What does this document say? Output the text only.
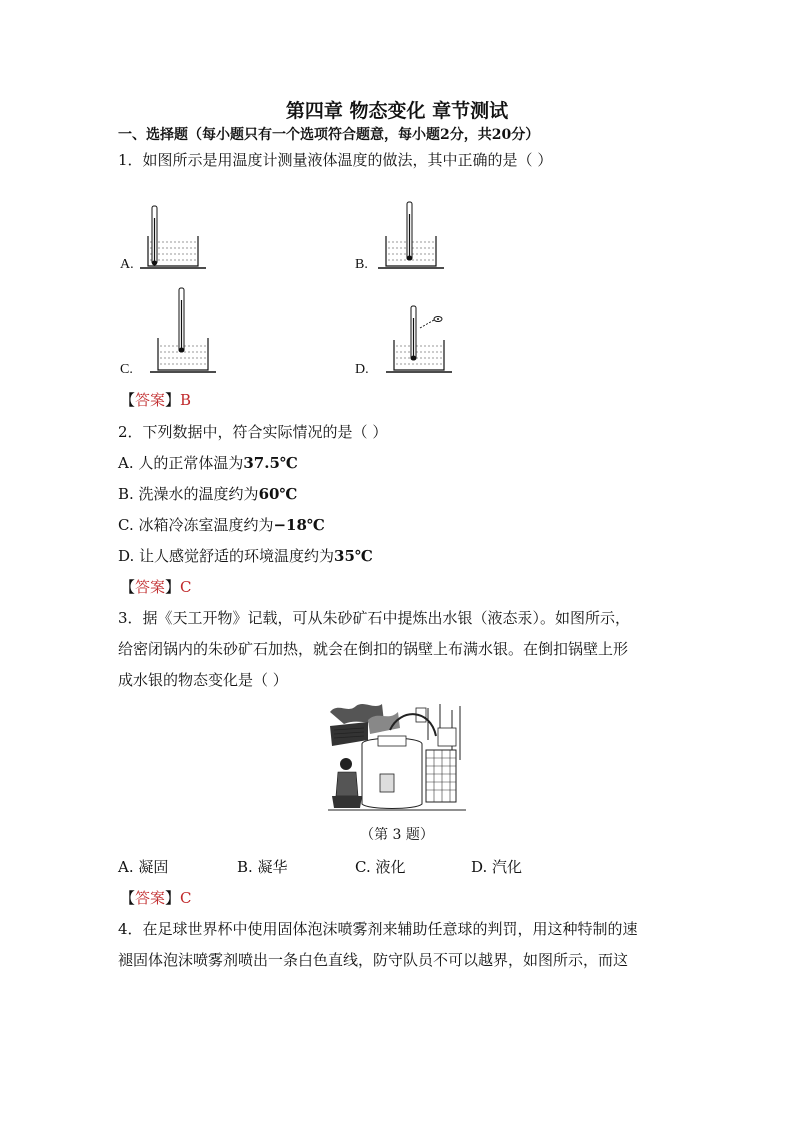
第四章 物态变化 章节测试
一、选择题（每小题只有一个选项符合题意，每小题2分，共20分）
1．如图所示是用温度计测量液体温度的做法，其中正确的是（ ）
A.	B.
C.	D.
【答案】B
2．下列数据中，符合实际情况的是（ ）
A. 人的正常体温为37.5℃
B. 洗澡水的温度约为60℃
C. 冰箱冷冻室温度约为−18℃
D. 让人感觉舒适的环境温度约为35℃
【答案】C
3．据《天工开物》记载，可从朱砂矿石中提炼出水银（液态汞）。如图所示，
给密闭锅内的朱砂矿石加热，就会在倒扣的锅壁上布满水银。在倒扣锅壁上形
成水银的物态变化是（ ）
（第 3 题）
A. 凝固	B. 凝华	C. 液化	D. 汽化
【答案】C
4．在足球世界杯中使用固体泡沫喷雾剂来辅助任意球的判罚，用这种特制的速
褪固体泡沫喷雾剂喷出一条白色直线，防守队员不可以越界，如图所示，而这
